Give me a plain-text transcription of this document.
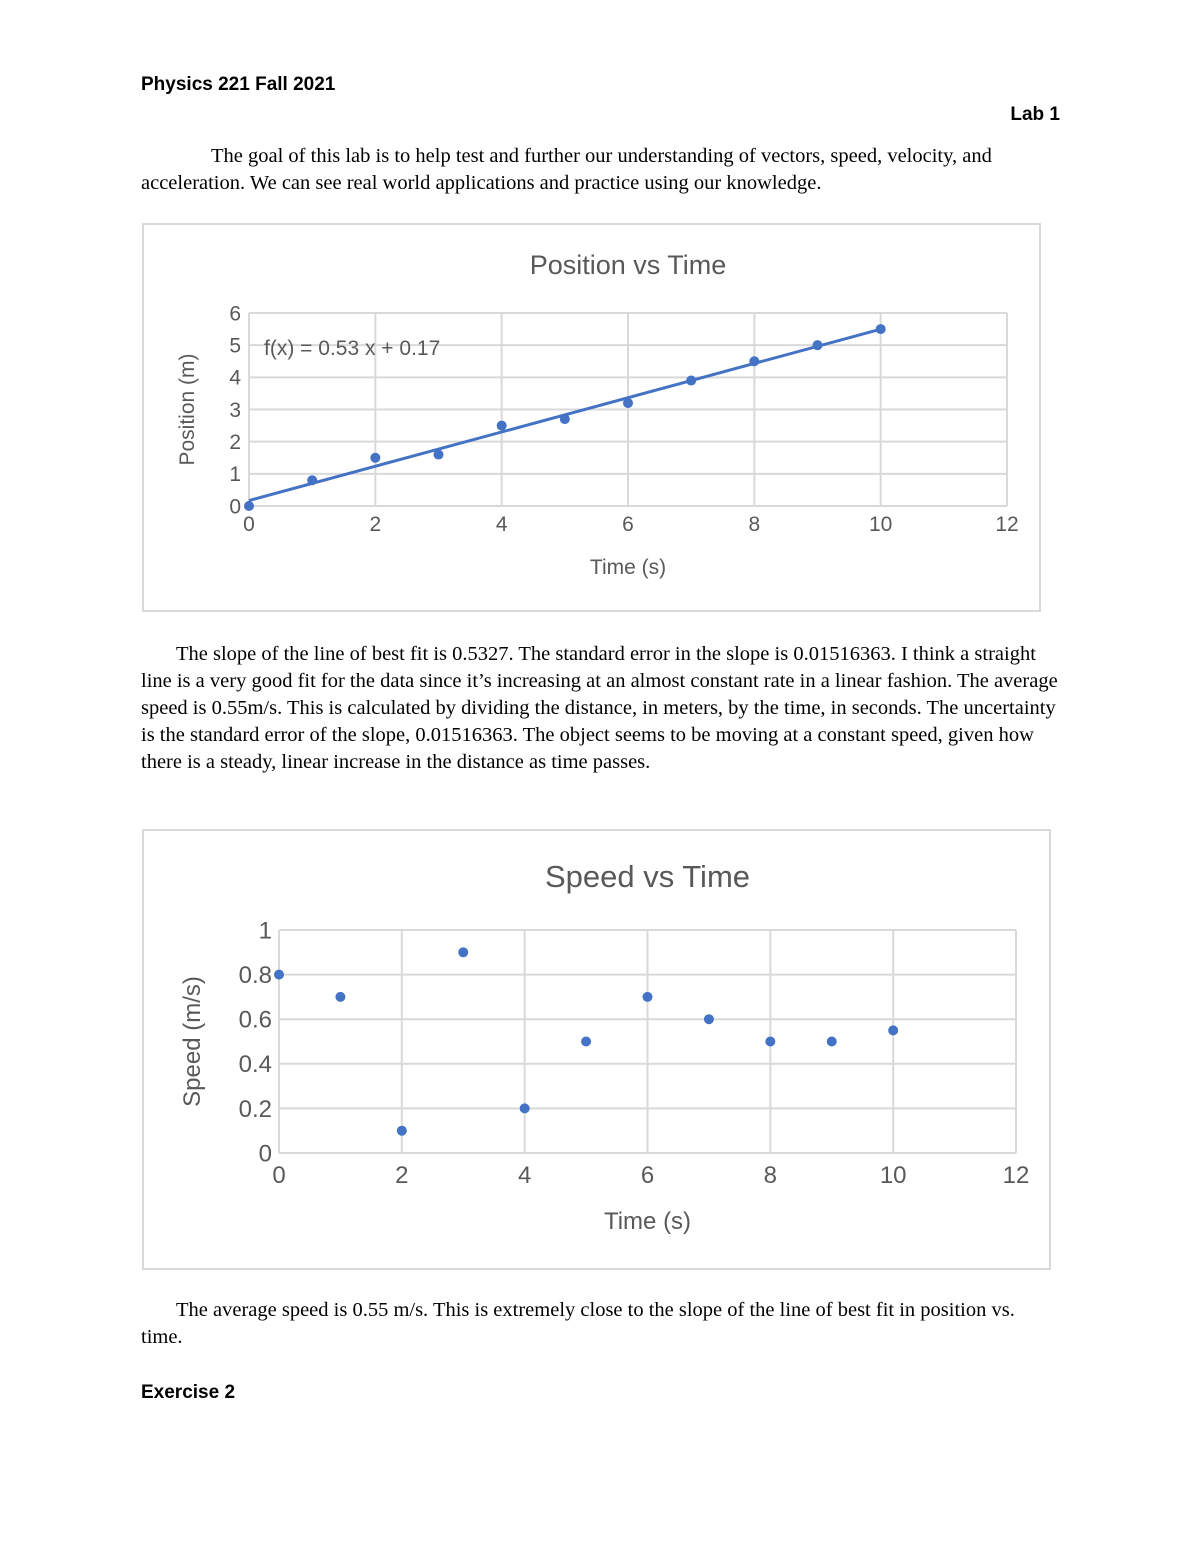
Physics 221 Fall 2021
Lab 1

The goal of this lab is to help test and further our understanding of vectors, speed, velocity, and acceleration. We can see real world applications and practice using our knowledge.

0	2	4	6	8	10	12
0
1
2
3
4
5
6
Position vs Time
Time (s)
Position (m)
f(x) = 0.53 x + 0.17

The slope of the line of best fit is 0.5327. The standard error in the slope is 0.01516363. I think a straight line is a very good fit for the data since it’s increasing at an almost constant rate in a linear fashion. The average speed is 0.55m/s. This is calculated by dividing the distance, in meters, by the time, in seconds. The uncertainty is the standard error of the slope, 0.01516363. The object seems to be moving at a constant speed, given how there is a steady, linear increase in the distance as time passes.

0	2	4	6	8	10	12
0
0.2
0.4
0.6
0.8
1
Speed vs Time
Time (s)
Speed (m/s)

The average speed is 0.55 m/s. This is extremely close to the slope of the line of best fit in position vs. time.

Exercise 2
